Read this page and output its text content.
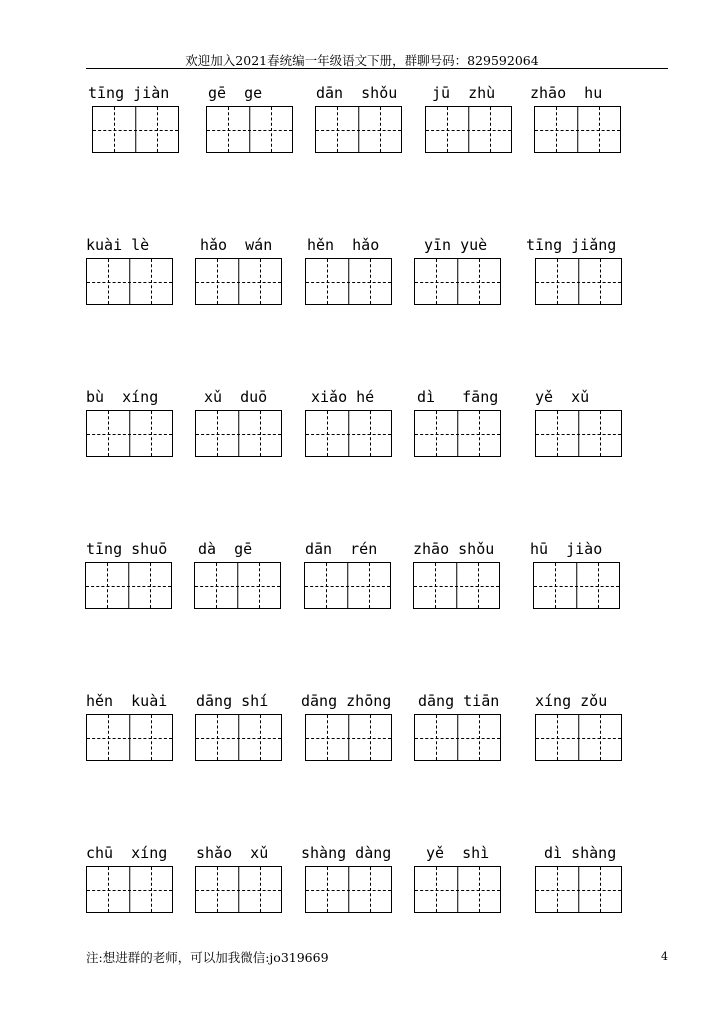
欢迎加入2021春统编一年级语文下册，群聊号码：829592064
tīng jiàn	gē  ge	dān  shǒu jū  zhù zhāo  hu
kuài lè	hǎo  wán hěn  hǎo	yīn yuè	tīng jiǎng
bù  xíng	xǔ  duō	xiǎo hé	dì   fāng yě  xǔ
tīng shuō dà  gē	dān  rén zhāo shǒu hū  jiào
hěn  kuài dāng shí dāng zhōng dāng tiān xíng zǒu
chū  xíng shǎo  xǔ shàng dàng yě  shì	dì shàng
注:想进群的老师，可以加我微信:jo319669	4
